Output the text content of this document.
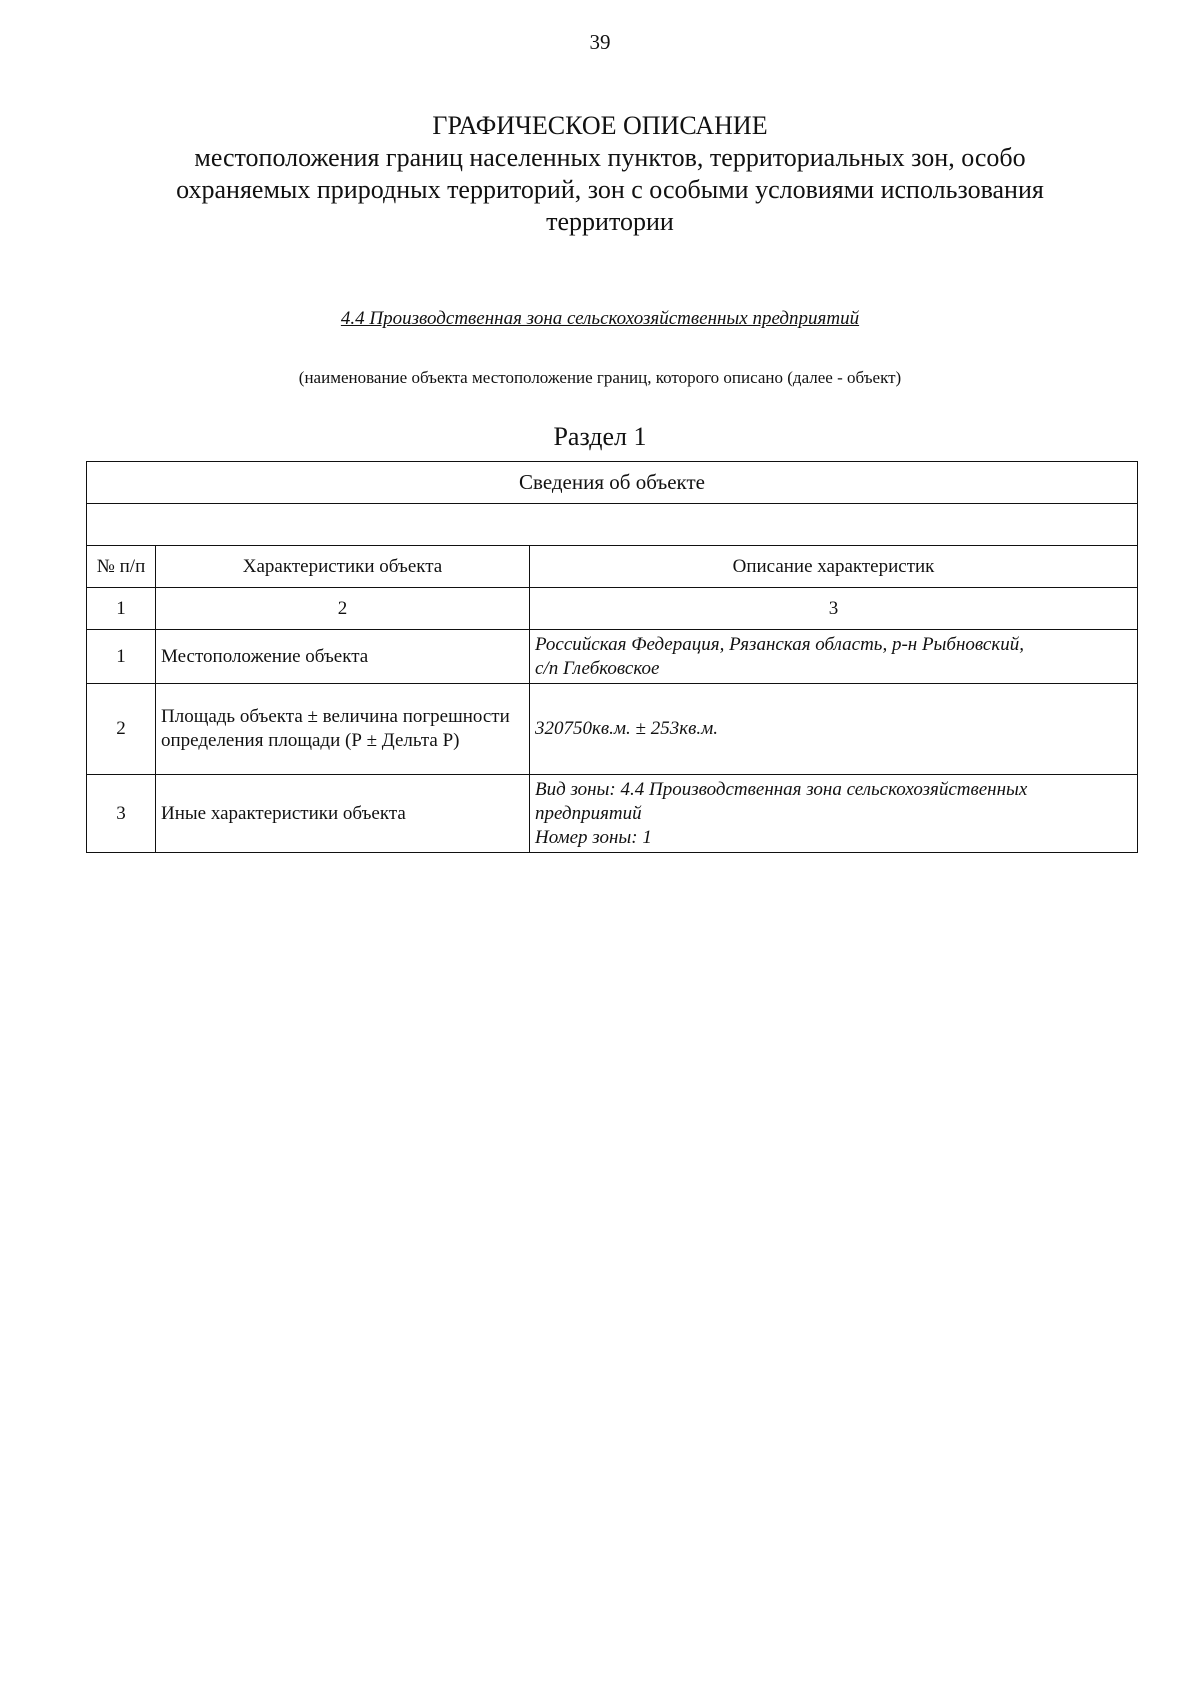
39
ГРАФИЧЕСКОЕ ОПИСАНИЕ
местоположения границ населенных пунктов, территориальных зон, особо охраняемых природных территорий, зон с особыми условиями использования территории
4.4 Производственная зона сельскохозяйственных предприятий
(наименование объекта местоположение границ, которого описано (далее - объект)
Раздел 1
Сведения об объекте		

№ п/п	Характеристики объекта	Описание характеристик
1	2	3
1	Местоположение объекта	Российская Федерация, Рязанская область, р-н Рыбновский,
с/п Глебковское

2	Площадь объекта ± величина погрешности определения площади (Р ± Дельта Р)	320750кв.м. ± 253кв.м.

3	Иные характеристики объекта	Вид зоны: 4.4 Производственная зона сельскохозяйственных
предприятий
Номер зоны: 1
